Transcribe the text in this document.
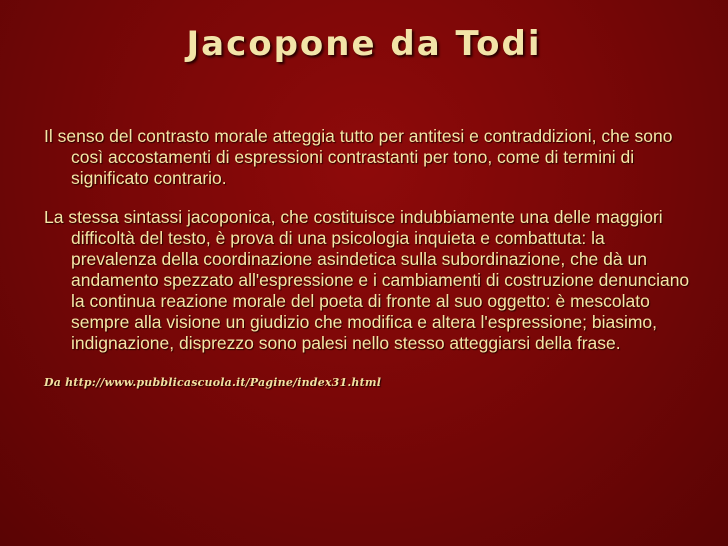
Jacopone da Todi

Il senso del contrasto morale atteggia tutto per antitesi e contraddizioni, che sono così accostamenti di espressioni contrastanti per tono, come di termini di significato contrario.

La stessa sintassi jacoponica, che costituisce indubbiamente una delle maggiori difficoltà del testo, è prova di una psicologia inquieta e combattuta: la prevalenza della coordinazione asindetica sulla subordinazione, che dà un andamento spezzato all'espressione e i cambiamenti di costruzione denunciano la continua reazione morale del poeta di fronte al suo oggetto: è mescolato sempre alla visione un giudizio che modifica e altera l'espressione; biasimo, indignazione, disprezzo sono palesi nello stesso atteggiarsi della frase.

Da http://www.pubblicascuola.it/Pagine/index31.html
